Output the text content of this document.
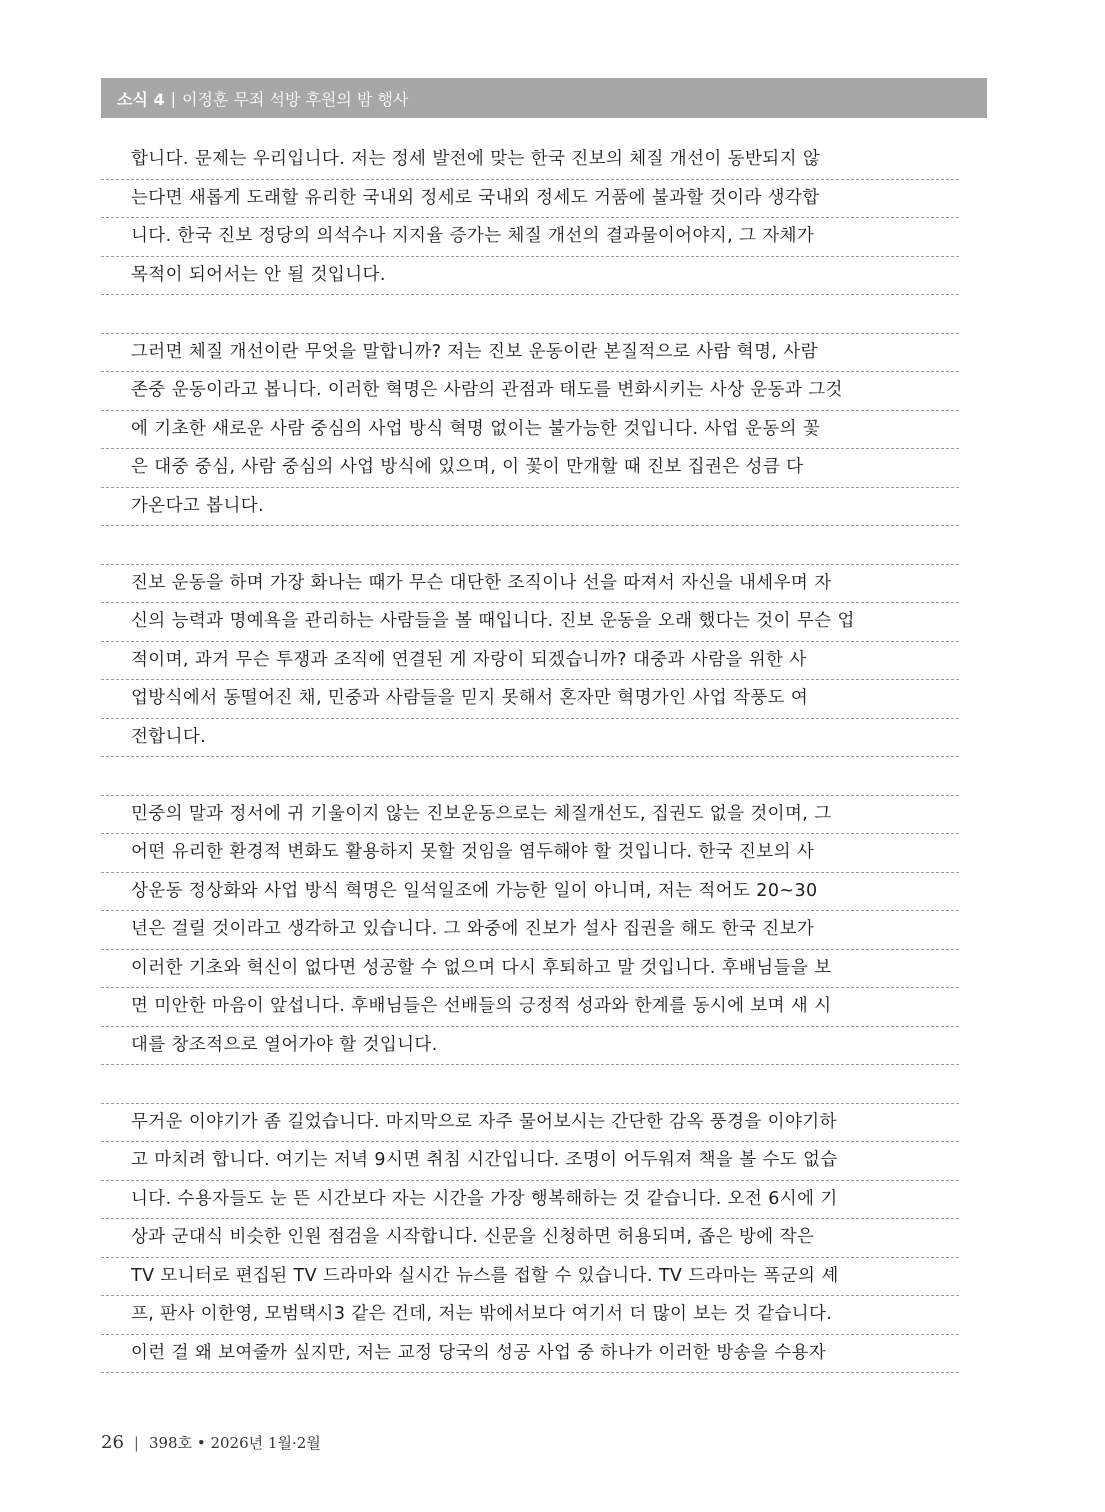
소식 4 | 이정훈 무죄 석방 후원의 밤 행사
합니다. 문제는 우리입니다. 저는 정세 발전에 맞는 한국 진보의 체질 개선이 동반되지 않
는다면 새롭게 도래할 유리한 국내외 정세로 국내외 정세도 거품에 불과할 것이라 생각합
니다. 한국 진보 정당의 의석수나 지지율 증가는 체질 개선의 결과물이어야지, 그 자체가
목적이 되어서는 안 될 것입니다.
그러면 체질 개선이란 무엇을 말합니까? 저는 진보 운동이란 본질적으로 사람 혁명, 사람
존중 운동이라고 봅니다. 이러한 혁명은 사람의 관점과 태도를 변화시키는 사상 운동과 그것
에 기초한 새로운 사람 중심의 사업 방식 혁명 없이는 불가능한 것입니다. 사업 운동의 꽃
은 대중 중심, 사람 중심의 사업 방식에 있으며, 이 꽃이 만개할 때 진보 집권은 성큼 다
가온다고 봅니다.
진보 운동을 하며 가장 화나는 때가 무슨 대단한 조직이나 선을 따져서 자신을 내세우며 자
신의 능력과 명예욕을 관리하는 사람들을 볼 때입니다. 진보 운동을 오래 했다는 것이 무슨 업
적이며, 과거 무슨 투쟁과 조직에 연결된 게 자랑이 되겠습니까? 대중과 사람을 위한 사
업방식에서 동떨어진 채, 민중과 사람들을 믿지 못해서 혼자만 혁명가인 사업 작풍도 여
전합니다.
민중의 말과 정서에 귀 기울이지 않는 진보운동으로는 체질개선도, 집권도 없을 것이며, 그
어떤 유리한 환경적 변화도 활용하지 못할 것임을 염두해야 할 것입니다. 한국 진보의 사
상운동 정상화와 사업 방식 혁명은 일석일조에 가능한 일이 아니며, 저는 적어도 20~30
년은 걸릴 것이라고 생각하고 있습니다. 그 와중에 진보가 설사 집권을 해도 한국 진보가
이러한 기초와 혁신이 없다면 성공할 수 없으며 다시 후퇴하고 말 것입니다. 후배님들을 보
면 미안한 마음이 앞섭니다. 후배님들은 선배들의 긍정적 성과와 한계를 동시에 보며 새 시
대를 창조적으로 열어가야 할 것입니다.
무거운 이야기가 좀 길었습니다. 마지막으로 자주 물어보시는 간단한 감옥 풍경을 이야기하
고 마치려 합니다. 여기는 저녁 9시면 취침 시간입니다. 조명이 어두워져 책을 볼 수도 없습
니다. 수용자들도 눈 뜬 시간보다 자는 시간을 가장 행복해하는 것 같습니다. 오전 6시에 기
상과 군대식 비슷한 인원 점검을 시작합니다. 신문을 신청하면 허용되며, 좁은 방에 작은
TV 모니터로 편집된 TV 드라마와 실시간 뉴스를 접할 수 있습니다. TV 드라마는 폭군의 셰
프, 판사 이한영, 모범택시3 같은 건데, 저는 밖에서보다 여기서 더 많이 보는 것 같습니다.
이런 걸 왜 보여줄까 싶지만, 저는 교정 당국의 성공 사업 중 하나가 이러한 방송을 수용자
26 | 398호 • 2026년 1월·2월
